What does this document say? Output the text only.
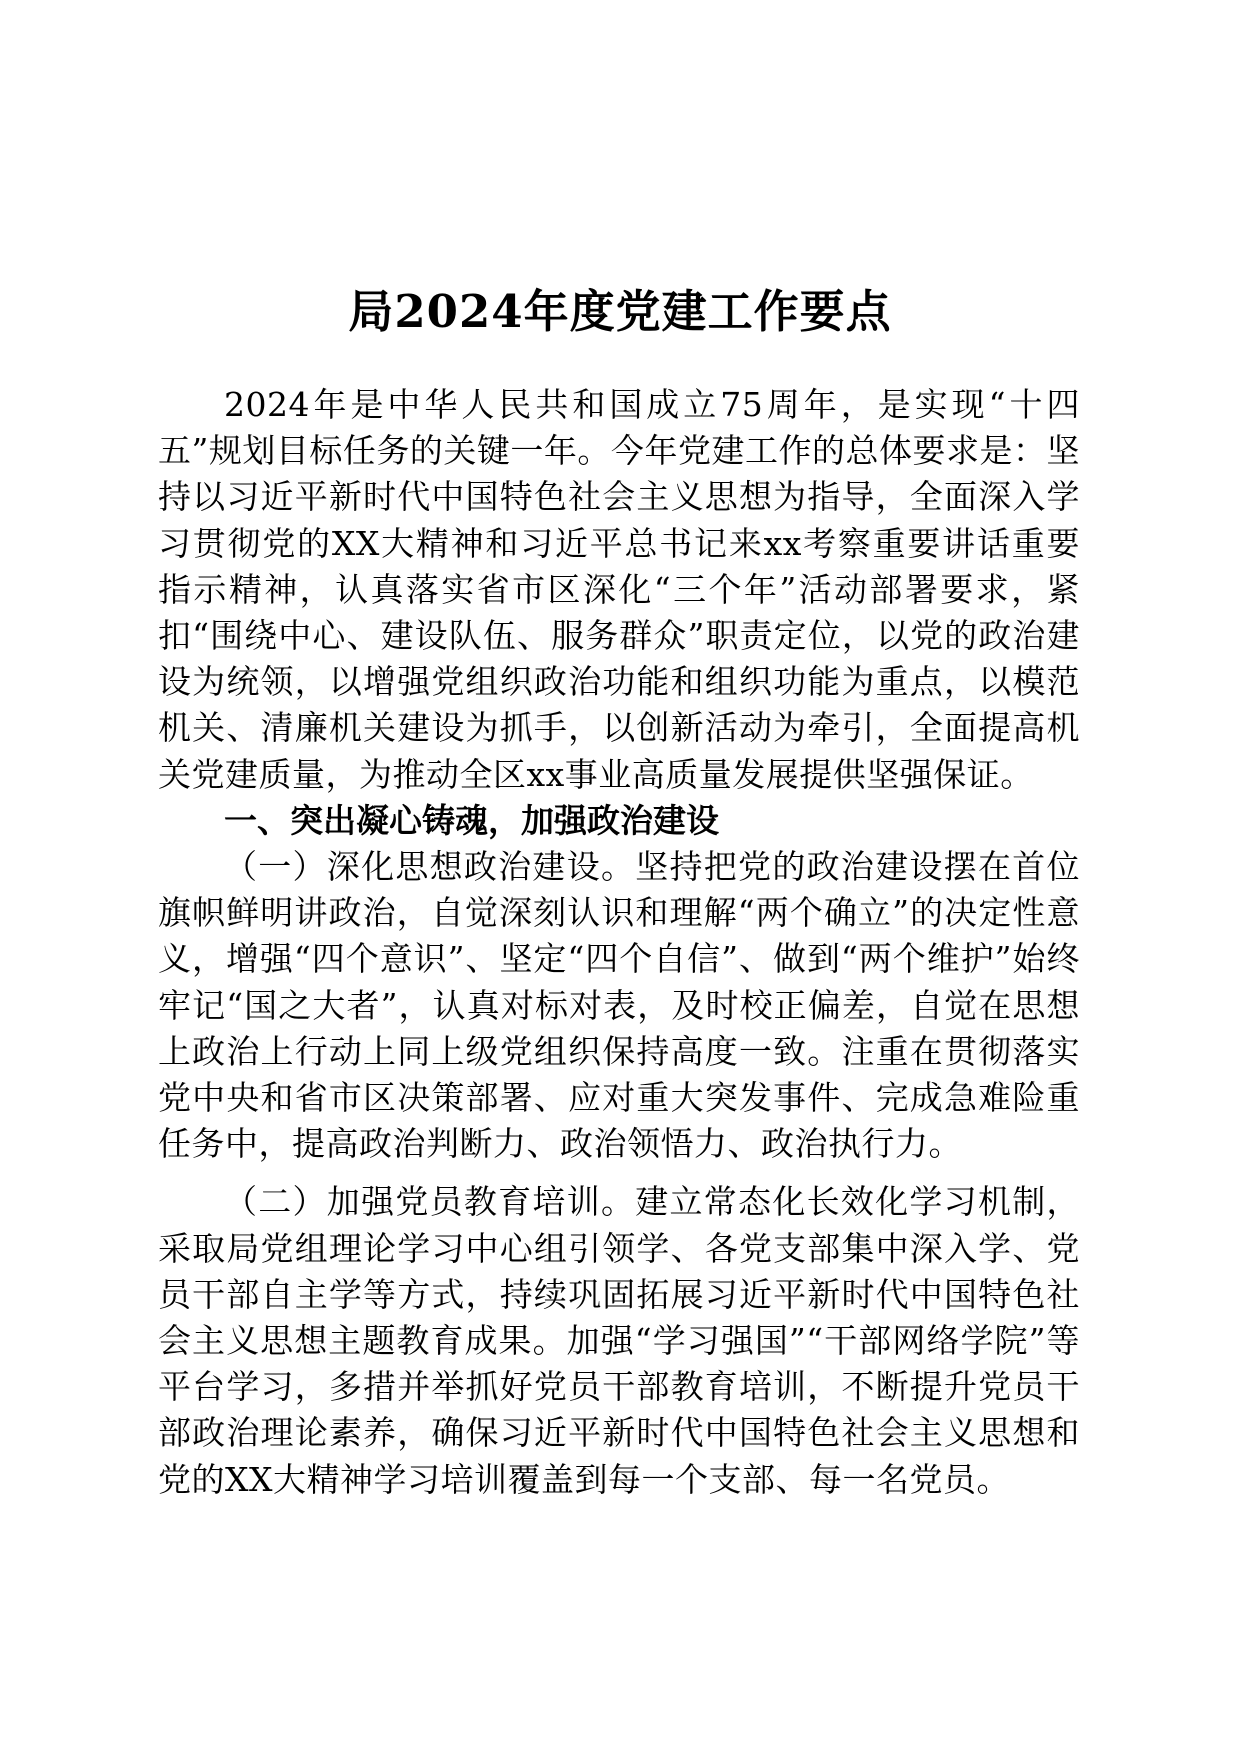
局2024年度党建工作要点

2024年是中华人民共和国成立75周年，是实现“十四五”规划目标任务的关键一年。今年党建工作的总体要求是：坚持以习近平新时代中国特色社会主义思想为指导，全面深入学习贯彻党的XX大精神和习近平总书记来xx考察重要讲话重要指示精神，认真落实省市区深化“三个年”活动部署要求，紧扣“围绕中心、建设队伍、服务群众”职责定位，以党的政治建设为统领，以增强党组织政治功能和组织功能为重点，以模范机关、清廉机关建设为抓手，以创新活动为牵引，全面提高机关党建质量，为推动全区xx事业高质量发展提供坚强保证。

一、突出凝心铸魂，加强政治建设

（一）深化思想政治建设。坚持把党的政治建设摆在首位旗帜鲜明讲政治，自觉深刻认识和理解“两个确立”的决定性意义，增强“四个意识”、坚定“四个自信”、做到“两个维护”始终牢记“国之大者”，认真对标对表，及时校正偏差，自觉在思想上政治上行动上同上级党组织保持高度一致。注重在贯彻落实党中央和省市区决策部署、应对重大突发事件、完成急难险重任务中，提高政治判断力、政治领悟力、政治执行力。

（二）加强党员教育培训。建立常态化长效化学习机制，采取局党组理论学习中心组引领学、各党支部集中深入学、党员干部自主学等方式，持续巩固拓展习近平新时代中国特色社会主义思想主题教育成果。加强“学习强国”“干部网络学院”等平台学习，多措并举抓好党员干部教育培训，不断提升党员干部政治理论素养，确保习近平新时代中国特色社会主义思想和党的XX大精神学习培训覆盖到每一个支部、每一名党员。
